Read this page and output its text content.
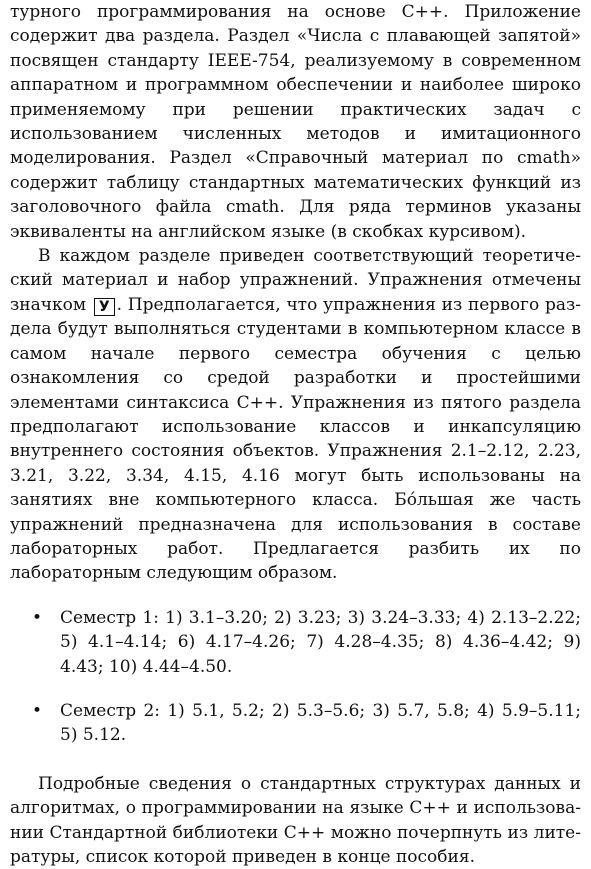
турного программирования на основе C++. Приложение содержит два раздела. Раздел «Числа с плавающей запятой» посвящен стандарту IEEE-754, реализуемому в современном аппаратном и программном обеспечении и наиболее широко применяемому при решении практических задач с использованием численных методов и имитационного моделирования. Раздел «Справочный материал по cmath» содержит таблицу стандартных математических функций из заголовочного файла cmath. Для ряда терминов указаны эквиваленты на английском языке (в скобках курсивом).

В каждом разделе приведен соответствующий теоретический материал и набор упражнений. Упражнения отмечены значком У . Предполагается, что упражнения из первого раздела будут выполняться студентами в компьютерном классе в самом начале первого семестра обучения с целью ознакомления со средой разработки и простейшими элементами синтаксиса C++. Упражнения из пятого раздела предполагают использование классов и инкапсуляцию внутреннего состояния объектов. Упражнения 2.1–2.12, 2.23, 3.21, 3.22, 3.34, 4.15, 4.16 могут быть использованы на занятиях вне компьютерного класса. Бо́льшая же часть упражнений предназначена для использования в составе лабораторных работ. Предлагается разбить их по лабораторным следующим образом.

• Семестр 1: 1) 3.1–3.20; 2) 3.23; 3) 3.24–3.33; 4) 2.13–2.22; 5) 4.1–4.14; 6) 4.17–4.26; 7) 4.28–4.35; 8) 4.36–4.42; 9) 4.43; 10) 4.44–4.50.
• Семестр 2: 1) 5.1, 5.2; 2) 5.3–5.6; 3) 5.7, 5.8; 4) 5.9–5.11; 5) 5.12.

Подробные сведения о стандартных структурах данных и алгоритмах, о программировании на языке C++ и использовании Стандартной библиотеки C++ можно почерпнуть из литературы, список которой приведен в конце пособия.
